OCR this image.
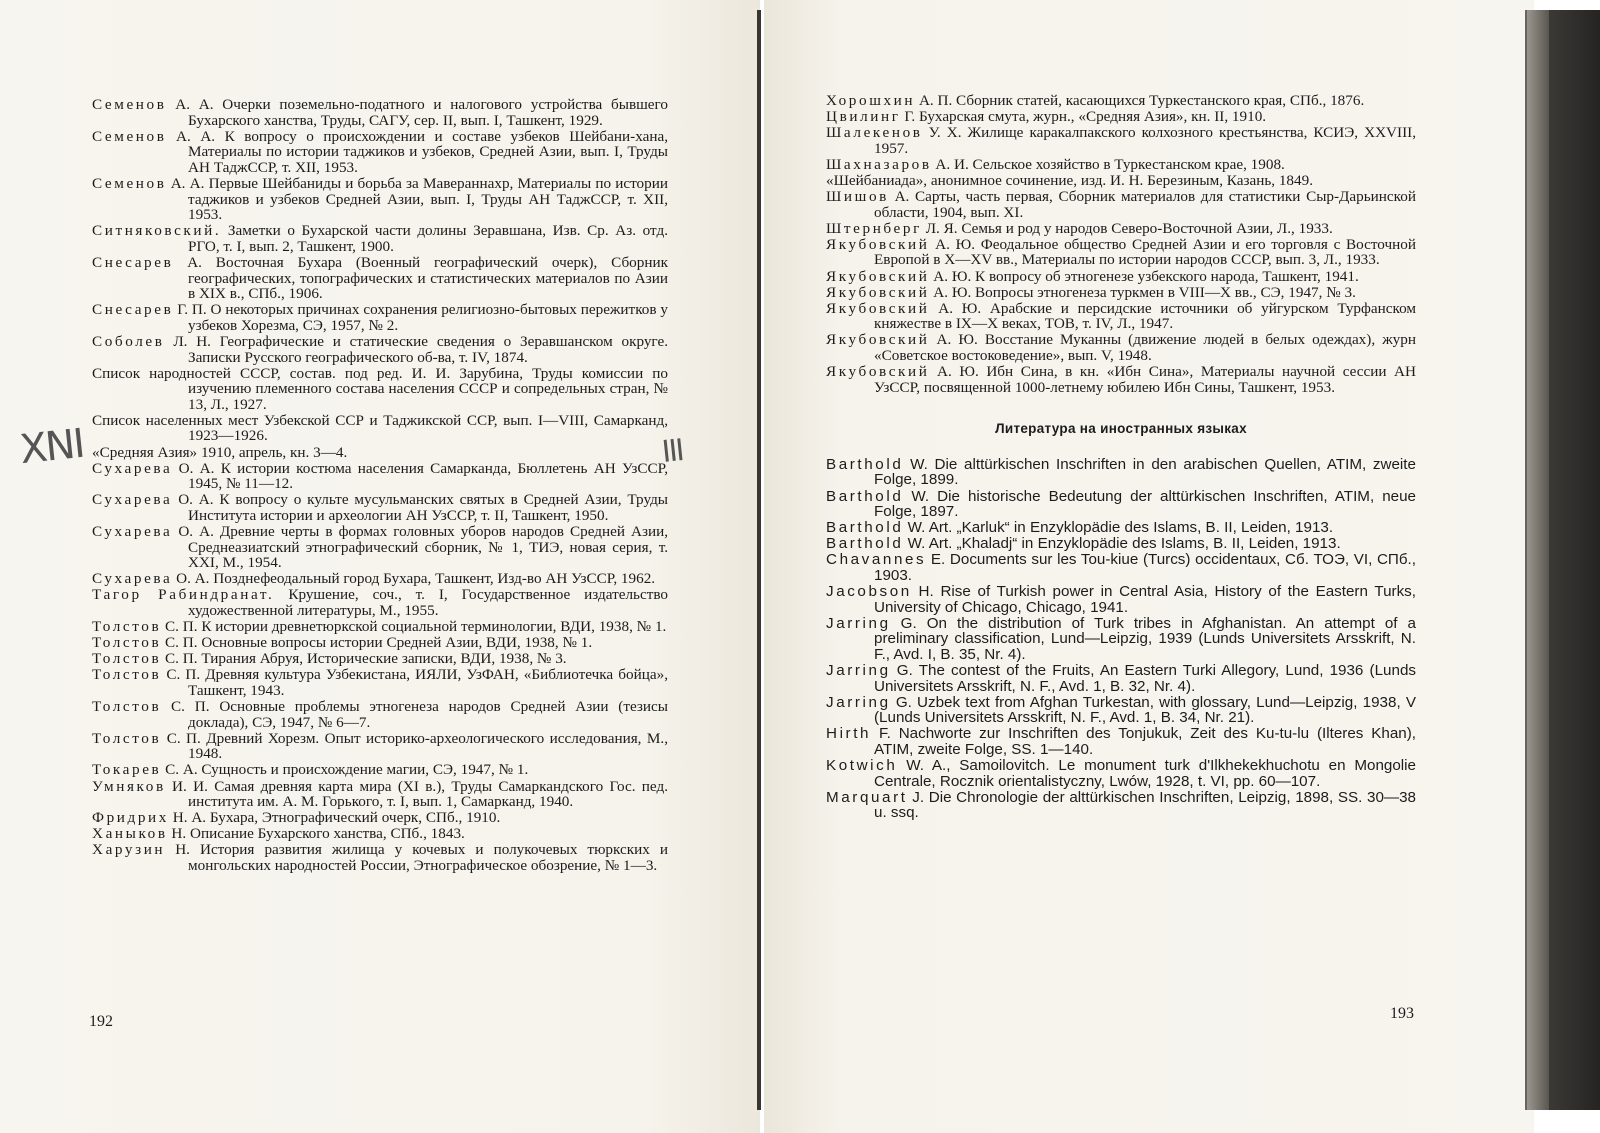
XNI	III

Семенов А. А. Очерки поземельно-податного и налогового устройства бывшего Бухарского ханства, Труды, САГУ, сер. II, вып. I, Ташкент, 1929.

Семенов А. А. К вопросу о происхождении и составе узбеков Шейбани-хана, Материалы по истории таджиков и узбеков, Средней Азии, вып. I, Труды АН ТаджССР, т. XII, 1953.

Семенов А. А. Первые Шейбаниды и борьба за Мавераннахр, Материалы по истории таджиков и узбеков Средней Азии, вып. I, Труды АН ТаджССР, т. XII, 1953.

Ситняковский. Заметки о Бухарской части долины Зеравшана, Изв. Ср. Аз. отд. РГО, т. I, вып. 2, Ташкент, 1900.

Снесарев А. Восточная Бухара (Военный географический очерк), Сборник географических, топографических и статистических материалов по Азии в XIX в., СПб., 1906.

Снесарев Г. П. О некоторых причинах сохранения религиозно-бытовых пережитков у узбеков Хорезма, СЭ, 1957, № 2.

Соболев Л. Н. Географические и статические сведения о Зеравшанском округе. Записки Русского географического об-ва, т. IV, 1874.

Список народностей СССР, состав. под ред. И. И. Зарубина, Труды комиссии по изучению племенного состава населения СССР и сопредельных стран, № 13, Л., 1927.

Список населенных мест Узбекской ССР и Таджикской ССР, вып. I—VIII, Самарканд, 1923—1926.

«Средняя Азия» 1910, апрель, кн. 3—4.

Сухарева О. А. К истории костюма населения Самарканда, Бюллетень АН УзССР, 1945, № 11—12.

Сухарева О. А. К вопросу о культе мусульманских святых в Средней Азии, Труды Института истории и археологии АН УзССР, т. II, Ташкент, 1950.

Сухарева О. А. Древние черты в формах головных уборов народов Средней Азии, Среднеазиатский этнографический сборник, № 1, ТИЭ, новая серия, т. XXI, М., 1954.

Сухарева О. А. Позднефеодальный город Бухара, Ташкент, Изд-во АН УзССР, 1962.

Тагор Рабиндранат. Крушение, соч., т. I, Государственное издательство художественной литературы, М., 1955.

Толстов С. П. К истории древнетюркской социальной терминологии, ВДИ, 1938, № 1.

Толстов С. П. Основные вопросы истории Средней Азии, ВДИ, 1938, № 1.

Толстов С. П. Тирания Абруя, Исторические записки, ВДИ, 1938, № 3.

Толстов С. П. Древняя культура Узбекистана, ИЯЛИ, УзФАН, «Библиотечка бойца», Ташкент, 1943.

Толстов С. П. Основные проблемы этногенеза народов Средней Азии (тезисы доклада), СЭ, 1947, № 6—7.

Толстов С. П. Древний Хорезм. Опыт историко-археологического исследования, М., 1948.

Токарев С. А. Сущность и происхождение магии, СЭ, 1947, № 1.

Умняков И. И. Самая древняя карта мира (XI в.), Труды Самаркандского Гос. пед. института им. А. М. Горького, т. I, вып. 1, Самарканд, 1940.

Фридрих Н. А. Бухара, Этнографический очерк, СПб., 1910.

Ханыков Н. Описание Бухарского ханства, СПб., 1843.

Харузин Н. История развития жилища у кочевых и полукочевых тюркских и монгольских народностей России, Этнографическое обозрение, № 1—3.

Хорошхин А. П. Сборник статей, касающихся Туркестанского края, СПб., 1876.

Цвилинг Г. Бухарская смута, журн., «Средняя Азия», кн. II, 1910.

Шалекенов У. Х. Жилище каракалпакского колхозного крестьянства, КСИЭ, XXVIII, 1957.

Шахназаров А. И. Сельское хозяйство в Туркестанском крае, 1908.

«Шейбаниада», анонимное сочинение, изд. И. Н. Березиным, Казань, 1849.

Шишов А. Сарты, часть первая, Сборник материалов для статистики Сыр-Дарьинской области, 1904, вып. XI.

Штернберг Л. Я. Семья и род у народов Северо-Восточной Азии, Л., 1933.

Якубовский А. Ю. Феодальное общество Средней Азии и его торговля с Восточной Европой в X—XV вв., Материалы по истории народов СССР, вып. 3, Л., 1933.

Якубовский А. Ю. К вопросу об этногенезе узбекского народа, Ташкент, 1941.

Якубовский А. Ю. Вопросы этногенеза туркмен в VIII—X вв., СЭ, 1947, № 3.

Якубовский А. Ю. Арабские и персидские источники об уйгурском Турфанском княжестве в IX—X веках, ТОВ, т. IV, Л., 1947.

Якубовский А. Ю. Восстание Муканны (движение людей в белых одеждах), журн «Советское востоковедение», вып. V, 1948.

Якубовский А. Ю. Ибн Сина, в кн. «Ибн Сина», Материалы научной сессии АН УзССР, посвященной 1000-летнему юбилею Ибн Сины, Ташкент, 1953.

Литература на иностранных языках

Barthold W. Die alttürkischen Inschriften in den arabischen Quellen, ATIM, zweite Folge, 1899.

Barthold W. Die historische Bedeutung der alttürkischen Inschriften, ATIM, neue Folge, 1897.

Barthold W. Art. „Karluk“ in Enzyklopädie des Islams, B. II, Leiden, 1913.

Barthold W. Art. „Khaladj“ in Enzyklopädie des Islams, B. II, Leiden, 1913.

Chavannes E. Documents sur les Tou-kiue (Turcs) occidentaux, Сб. ТОЭ, VI, СПб., 1903.

Jacobson H. Rise of Turkish power in Central Asia, History of the Eastern Turks, University of Chicago, Chicago, 1941.

Jarring G. On the distribution of Turk tribes in Afghanistan. An attempt of a preliminary classification, Lund—Leipzig, 1939 (Lunds Universitets Arsskrift, N. F., Avd. I, B. 35, Nr. 4).

Jarring G. The contest of the Fruits, An Eastern Turki Allegory, Lund, 1936 (Lunds Universitets Arsskrift, N. F., Avd. 1, B. 32, Nr. 4).

Jarring G. Uzbek text from Afghan Turkestan, with glossary, Lund—Leipzig, 1938, V (Lunds Universitets Arsskrift, N. F., Avd. 1, B. 34, Nr. 21).

Hirth F. Nachworte zur Inschriften des Tonjukuk, Zeit des Ku-tu-lu (Ilteres Khan), ATIM, zweite Folge, SS. 1—140.

Kotwich W. A., Samoilovitch. Le monument turk d'Ilkhekekhuchotu en Mongolie Centrale, Rocznik orientalistyczny, Lwów, 1928, t. VI, pp. 60—107.

Marquart J. Die Chronologie der alttürkischen Inschriften, Leipzig, 1898, SS. 30—38 u. ssq.

192	193
